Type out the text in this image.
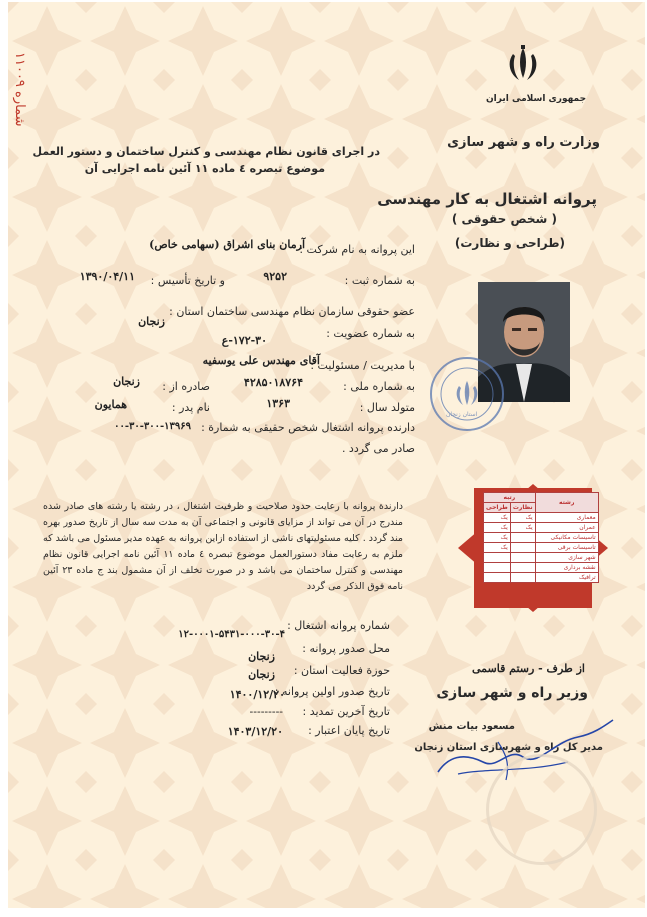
شماره ۱۱۰۰۹	جمهوری اسلامی ایران
وزارت راه و شهر سازی
در اجرای قانون نظام مهندسی و کنترل ساختمان و دستور العمل
موضوع تبصره ٤ ماده ۱۱ آئین نامه اجرایی آن
پروانه اشتغال به کار مهندسی
( شخص حقوقی )
(طراحی و نظارت)
این پروانه به نام شرکت :
آرمان بنای اشراق (سهامی خاص)
به شماره ثبت :
۹۲۵۲
و تاریخ تأسیس :
۱۳۹۰/۰۴/۱۱
عضو حقوقی سازمان نظام مهندسی ساختمان استان :
زنجان
به شماره عضویت :
۱۷۲-۳۰-ع
با مدیریت / مسئولیت :
آقای مهندس علی یوسفیه
به شماره ملی :
۴۲۸۵۰۱۸۷۶۴
صادره از :
زنجان
متولد سال :
۱۳۶۳
نام پدر :
همایون
دارنده پروانه اشتغال شخص حقیقی به شمارة :
۰۰-۳۰-۳۰۰-۱۳۹۶۹
صادر می گردد .
استان زنجان
دارندة پروانه با رعایت حدود صلاحیت و ظرفیت اشتغال ، در رشته یا رشته های صادر شده مندرج در آن می تواند از مزایای قانونی و اجتماعی آن به مدت سه سال از تاریخ صدور بهره مند گردد . کلیه مسئولیتهای ناشی از استفاده ازاین پروانه به عهده مدیر مسئول می باشد که ملزم به رعایت مفاد دستورالعمل موضوع تبصره ٤ ماده ۱۱ آئین نامه اجرایی قانون نظام مهندسی و کنترل ساختمان می باشد و در صورت تخلف از آن مشمول بند ج ماده ۲۳ آئین نامه فوق الذکر می گردد
رشته	رتبه	
	نظارت	طراحی
معماری	یک	یک
عمران	یک	یک
تاسیسات مکانیکی		یک
تاسیسات برقی		یک
شهر سازی		
نقشه برداری		
ترافیک		
شماره پروانه اشتغال :
۱۲-۰۰۰۱-۵۴۳۱-۰۰۰-۳۰-۴
محل صدور پروانه :
زنجان
حوزة فعالیت استان :
زنجان
تاریخ صدور اولین پروانه :
۱۴۰۰/۱۲/۲۰
تاریخ آخرین تمدید :
---------
تاریخ پایان اعتبار :
۱۴۰۳/۱۲/۲۰
از طرف - رستم قاسمی
وزیر راه و شهر سازی
مسعود بیات منش
مدیر کل راه و شهرسازی استان زنجان
